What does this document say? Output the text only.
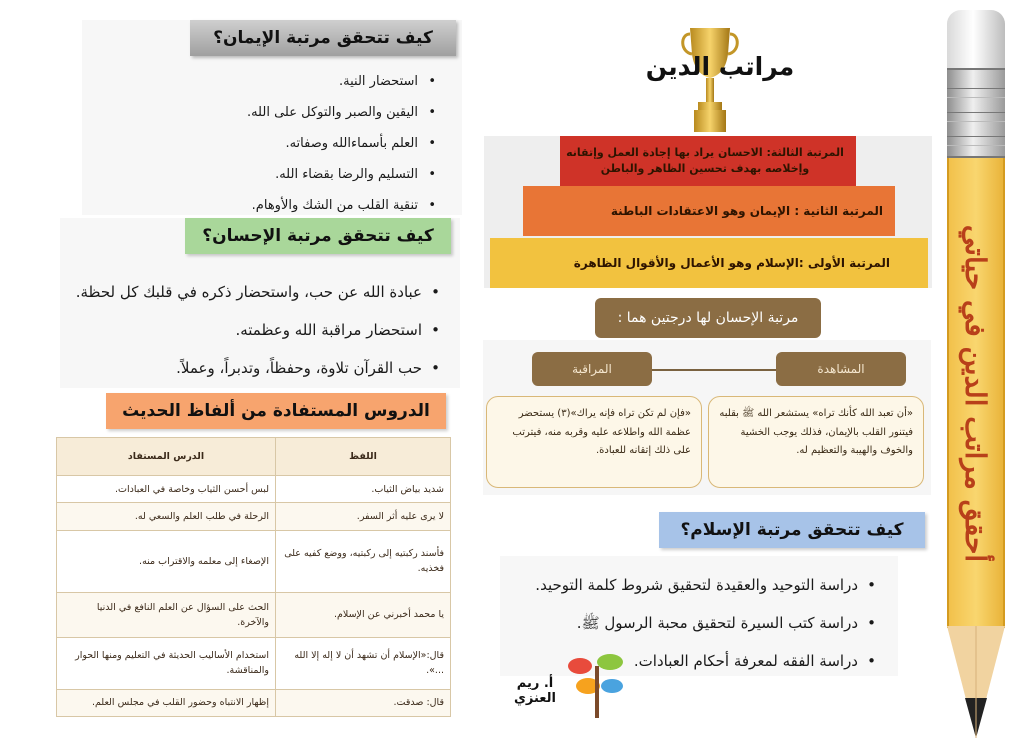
أحقق مراتب الدين في حياتي
مراتب الدين
المرتبة الثالثة: الاحسان يراد بها إجادة العمل وإتقانه وإخلاصه بهدف تحسين الظاهر والباطن
المرتبة الثانية : الإيمان وهو الاعتقادات الباطنة
المرتبة الأولى :الإسلام وهو الأعمال والأقوال الظاهرة
مرتبة الإحسان لها درجتين هما :
المشاهدة
المراقبة
«أن تعبد الله كأنك تراه» يستشعر الله ﷺ بقلبه فيتنور القلب بالإيمان، فذلك يوجب الخشية والخوف والهيبة والتعظيم له.
«فإن لم تكن تراه فإنه يراك»(٣) يستحضر عظمة الله واطلاعه عليه وقربه منه، فيترتب على ذلك إتقانه للعبادة.
كيف تتحقق مرتبة الإيمان؟
• استحضار النية.
• اليقين والصبر والتوكل على الله.
• العلم بأسماءالله وصفاته.
• التسليم والرضا بقضاء الله.
• تنقية القلب من الشك والأوهام.
كيف تتحقق مرتبة الإحسان؟
• عبادة الله عن حب، واستحضار ذكره في قلبك كل لحظة.
• استحضار مراقبة الله وعظمته.
• حب القرآن تلاوة، وحفظاً، وتدبراً، وعملاً.
الدروس المستفادة من ألفاظ الحديث
اللفظ	الدرس المستفاد
شديد بياض الثياب.	لبس أحسن الثياب وخاصة في العبادات.
لا يرى عليه أثر السفر.	الرحلة في طلب العلم والسعي له.
فأسند ركبتيه إلى ركبتيه، ووضع كفيه على فخذيه.	الإصغاء إلى معلمه والاقتراب منه.
يا محمد أخبرني عن الإسلام.	الحث على السؤال عن العلم النافع في الدنيا والآخرة.
قال:«الإسلام أن تشهد أن لا إله إلا الله ...».	استخدام الأساليب الحديثة في التعليم ومنها الحوار والمناقشة.
قال: صدقت.	إظهار الانتباه وحضور القلب في مجلس العلم.
كيف تتحقق مرتبة الإسلام؟
• دراسة التوحيد والعقيدة لتحقيق شروط كلمة التوحيد.
• دراسة كتب السيرة لتحقيق محبة الرسول ﷺ.
• دراسة الفقه لمعرفة أحكام العبادات.
أ. ريم العنزي
